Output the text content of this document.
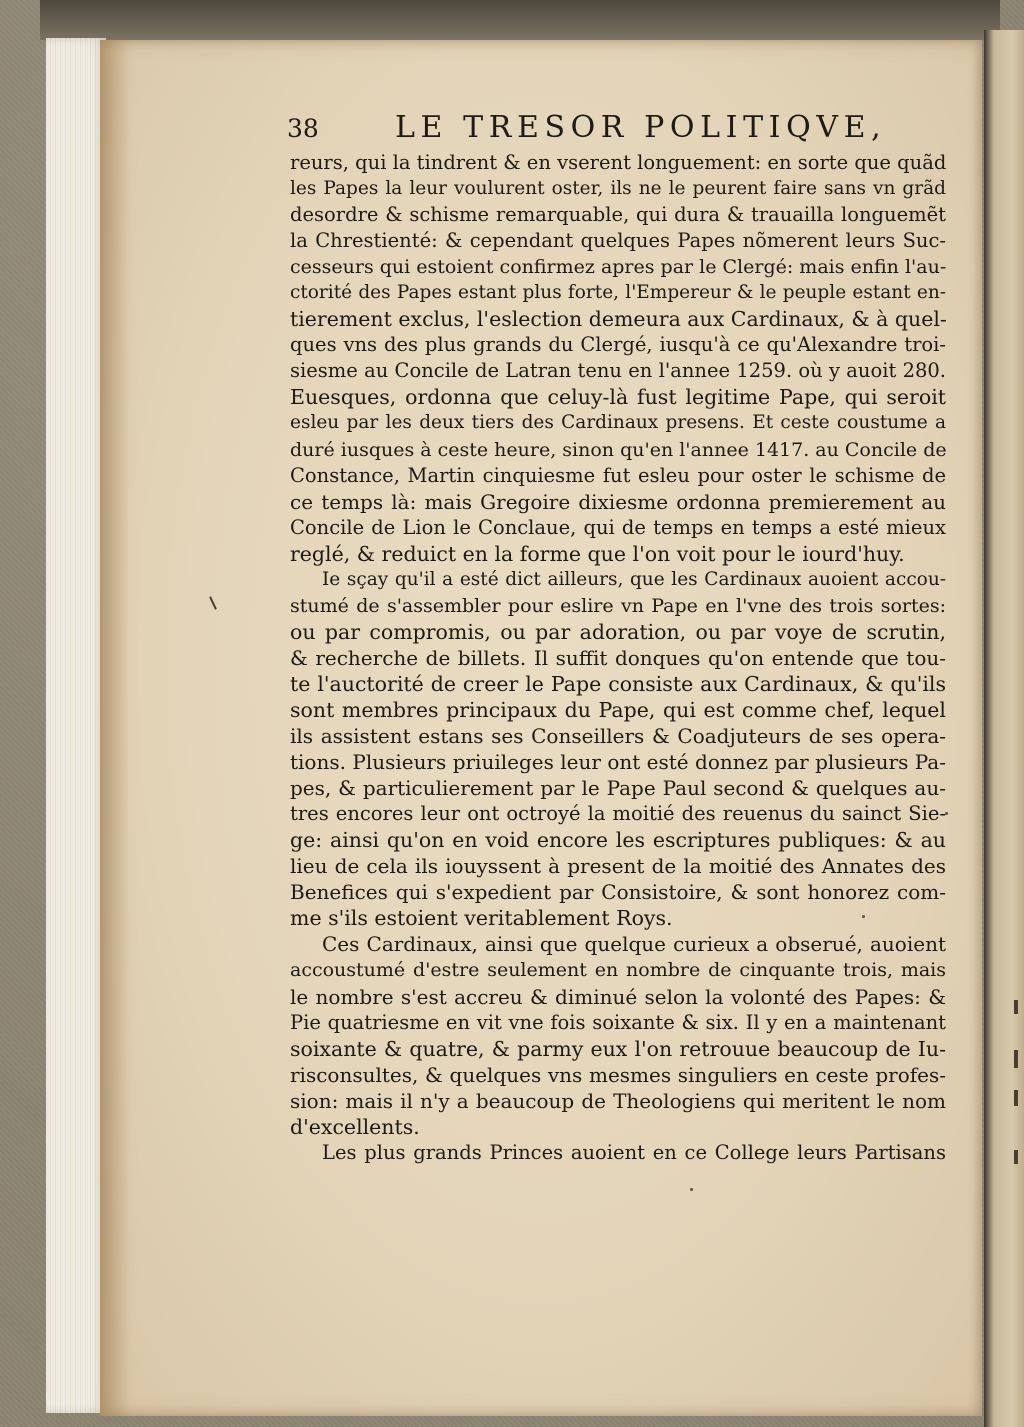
38	LE TRESOR POLITIQVE,
reurs, qui la tindrent & en vserent longuement: en sorte que quãd
les Papes la leur voulurent oster, ils ne le peurent faire sans vn grãd
desordre & schisme remarquable, qui dura & trauailla longuemẽt
la Chrestienté: & cependant quelques Papes nõmerent leurs Suc-
cesseurs qui estoient confirmez apres par le Clergé: mais enfin l'au-
ctorité des Papes estant plus forte, l'Empereur & le peuple estant en-
tierement exclus, l'eslection demeura aux Cardinaux, & à quel-
ques vns des plus grands du Clergé, iusqu'à ce qu'Alexandre troi-
siesme au Concile de Latran tenu en l'annee 1259. où y auoit 280.
Euesques, ordonna que celuy-là fust legitime Pape, qui seroit
esleu par les deux tiers des Cardinaux presens. Et ceste coustume a
duré iusques à ceste heure, sinon qu'en l'annee 1417. au Concile de
Constance, Martin cinquiesme fut esleu pour oster le schisme de
ce temps là: mais Gregoire dixiesme ordonna premierement au
Concile de Lion le Conclaue, qui de temps en temps a esté mieux
reglé, & reduict en la forme que l'on voit pour le iourd'huy.
Ie sçay qu'il a esté dict ailleurs, que les Cardinaux auoient accou-
stumé de s'assembler pour eslire vn Pape en l'vne des trois sortes:
ou par compromis, ou par adoration, ou par voye de scrutin,
& recherche de billets. Il suffit donques qu'on entende que tou-
te l'auctorité de creer le Pape consiste aux Cardinaux, & qu'ils
sont membres principaux du Pape, qui est comme chef, lequel
ils assistent estans ses Conseillers & Coadjuteurs de ses opera-
tions. Plusieurs priuileges leur ont esté donnez par plusieurs Pa-
pes, & particulierement par le Pape Paul second & quelques au-
tres encores leur ont octroyé la moitié des reuenus du sainct Sie-
ge: ainsi qu'on en void encore les escriptures publiques: & au
lieu de cela ils iouyssent à present de la moitié des Annates des
Benefices qui s'expedient par Consistoire, & sont honorez com-
me s'ils estoient veritablement Roys.
Ces Cardinaux, ainsi que quelque curieux a obserué, auoient
accoustumé d'estre seulement en nombre de cinquante trois, mais
le nombre s'est accreu & diminué selon la volonté des Papes: &
Pie quatriesme en vit vne fois soixante & six. Il y en a maintenant
soixante & quatre, & parmy eux l'on retrouue beaucoup de Iu-
risconsultes, & quelques vns mesmes singuliers en ceste profes-
sion: mais il n'y a beaucoup de Theologiens qui meritent le nom
d'excellents.
Les plus grands Princes auoient en ce College leurs Partisans
